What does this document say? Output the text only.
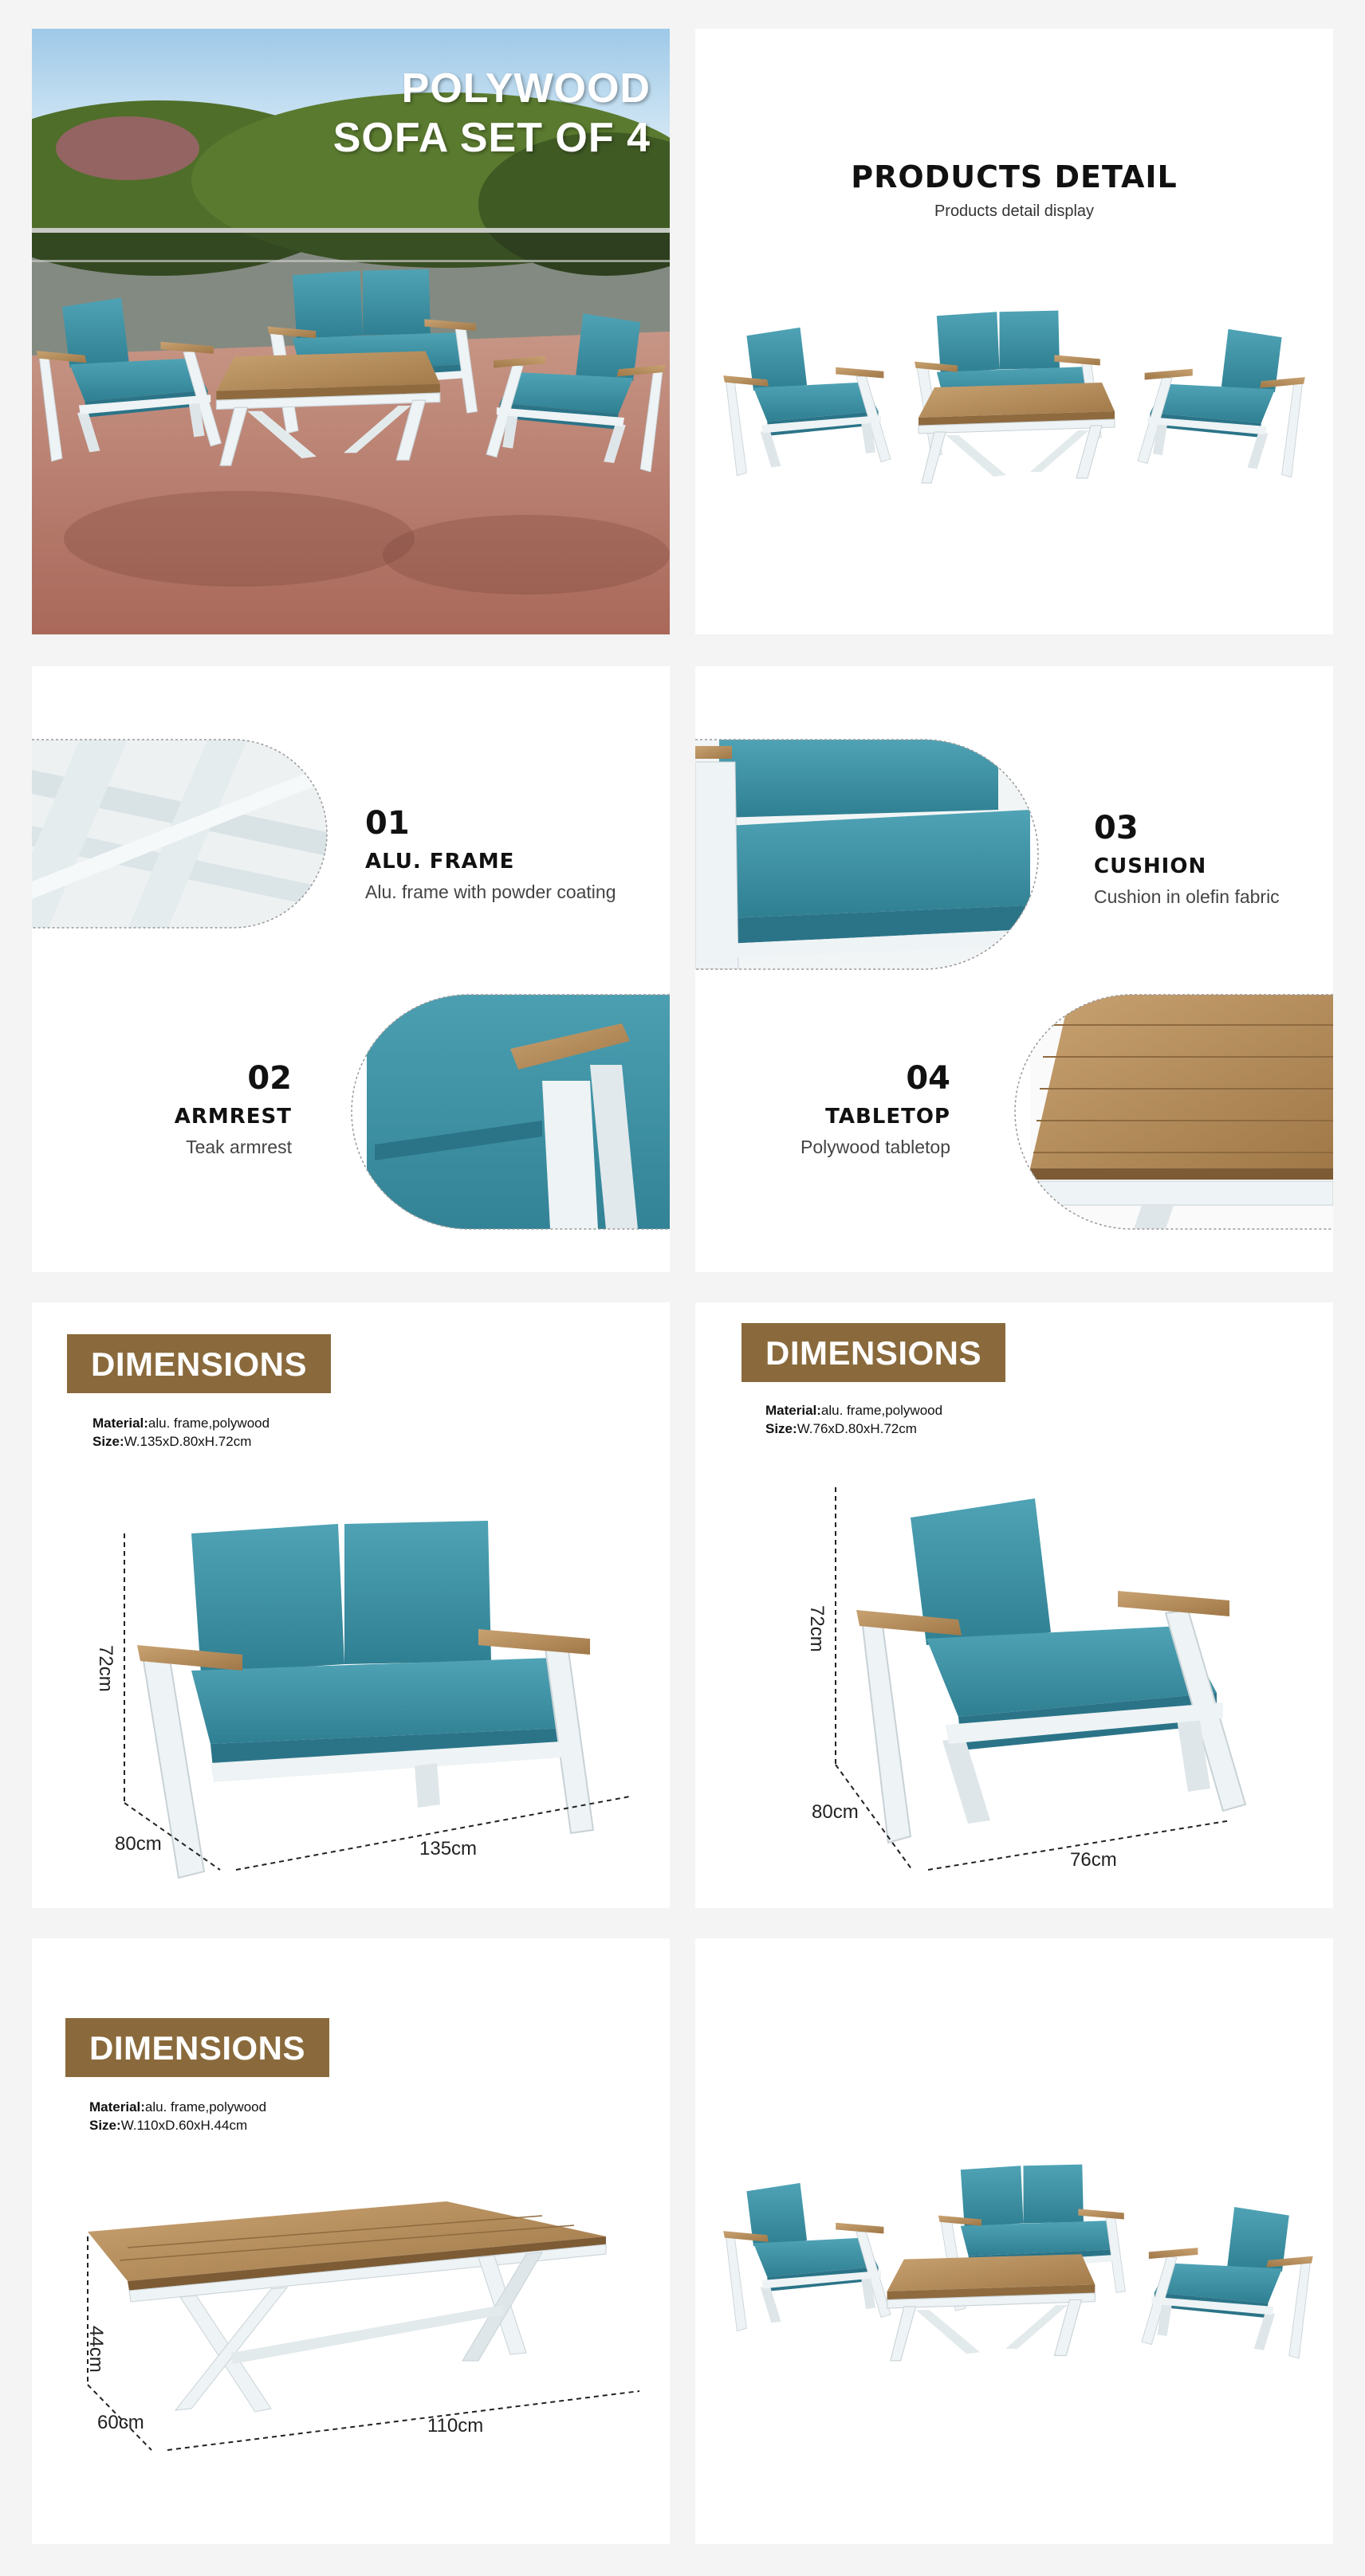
POLYWOOD
SOFA SET OF 4
PRODUCTS DETAIL
Products detail display
01
ALU. FRAME
Alu. frame with powder coating
02
ARMREST
Teak armrest
03
CUSHION
Cushion in olefin fabric
04
TABLETOP
Polywood tabletop
DIMENSIONS
Material:alu. frame,polywood
Size:W.135xD.80xH.72cm
72cm
80cm	135cm
DIMENSIONS
Material:alu. frame,polywood
Size:W.76xD.80xH.72cm
72cm
80cm
76cm
DIMENSIONS
Material:alu. frame,polywood
Size:W.110xD.60xH.44cm
44cm
60cm	110cm
